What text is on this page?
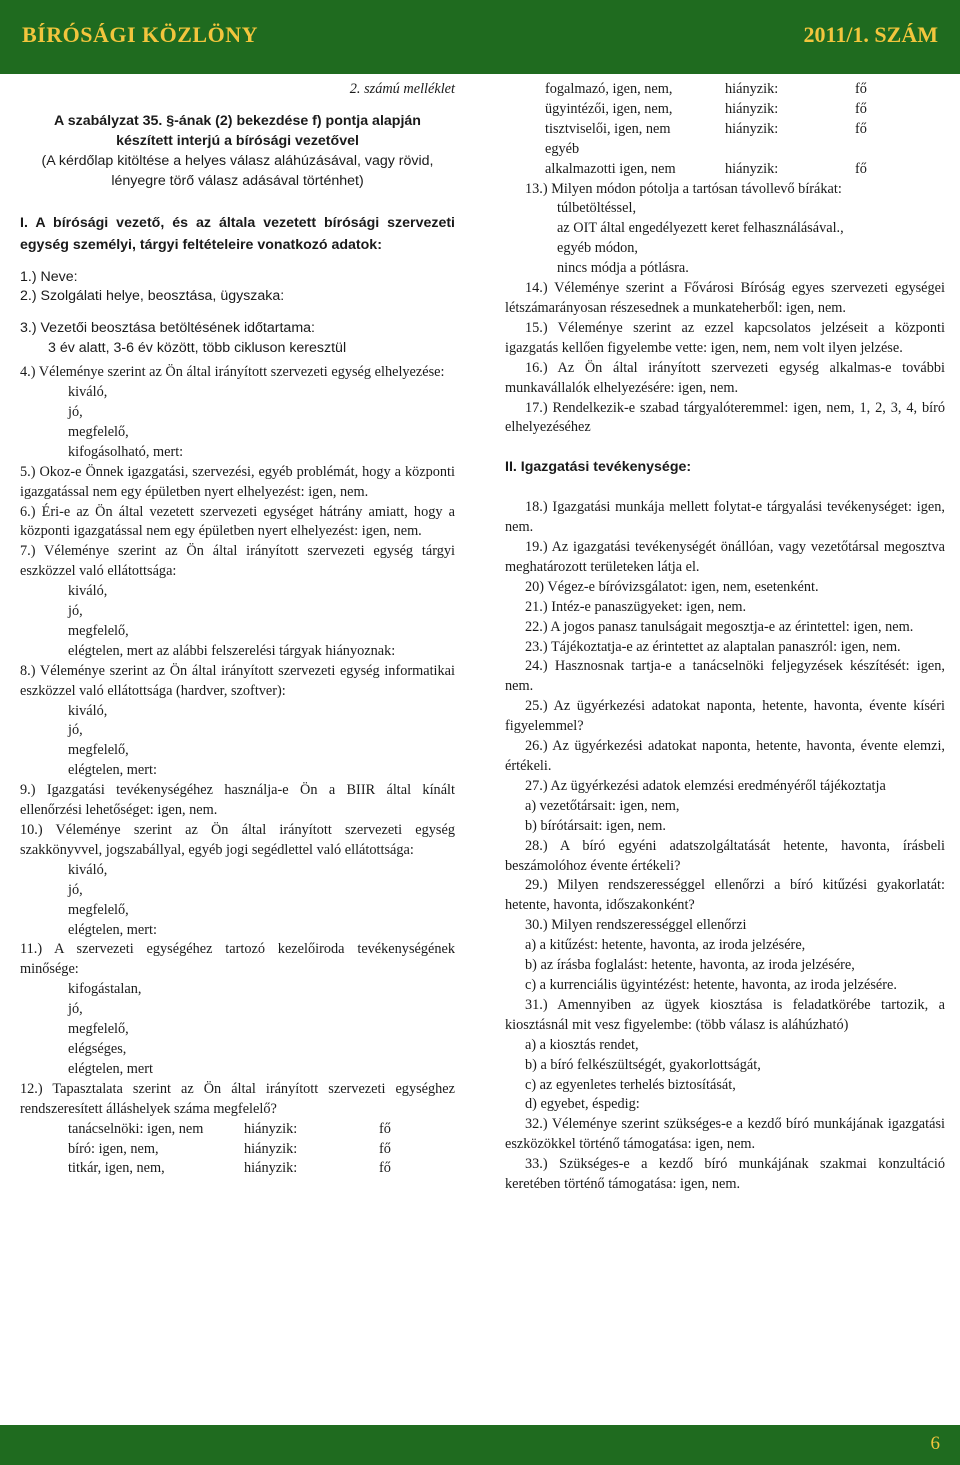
BÍRÓSÁGI KÖZLÖNY	2011/1. SZÁM

2. számú melléklet

A szabályzat 35. §-ának (2) bekezdése f) pontja alapján

készített interjú a bírósági vezetővel

(A kérdőlap kitöltése a helyes válasz aláhúzásával, vagy rövid,

lényegre törő válasz adásával történhet)

I. A bírósági vezető, és az általa vezetett bírósági szervezeti egység személyi, tárgyi feltételeire vonatkozó adatok:

1.) Neve:

2.) Szolgálati helye, beosztása, ügyszaka:

3.) Vezetői beosztása betöltésének időtartama:

3 év alatt, 3-6 év között, több cikluson keresztül

4.) Véleménye szerint az Ön által irányított szervezeti egység elhelyezése:

kiváló,

jó,

megfelelő,

kifogásolható, mert:

5.) Okoz-e Önnek igazgatási, szervezési, egyéb problémát, hogy a központi igazgatással nem egy épületben nyert elhelyezést: igen, nem.

6.) Éri-e az Ön által vezetett szervezeti egységet hátrány amiatt, hogy a központi igazgatással nem egy épületben nyert elhelyezést: igen, nem.

7.) Véleménye szerint az Ön által irányított szervezeti egység tárgyi eszközzel való ellátottsága:

kiváló,

jó,

megfelelő,

elégtelen, mert az alábbi felszerelési tárgyak hiányoznak:

8.) Véleménye szerint az Ön által irányított szervezeti egység informatikai eszközzel való ellátottsága (hardver, szoftver):

kiváló,

jó,

megfelelő,

elégtelen, mert:

9.) Igazgatási tevékenységéhez használja-e Ön a BIIR által kínált ellenőrzési lehetőséget: igen, nem.

10.) Véleménye szerint az Ön által irányított szervezeti egység szakkönyvvel, jogszabállyal, egyéb jogi segédlettel való ellátottsága:

kiváló,

jó,

megfelelő,

elégtelen, mert:

11.) A szervezeti egységéhez tartozó kezelőiroda tevékenységének minősége:

kifogástalan,

jó,

megfelelő,

elégséges,

elégtelen, mert

12.) Tapasztalata szerint az Ön által irányított szervezeti egységhez rendszeresített álláshelyek száma megfelelő?

tanácselnöki: igen, nem	hiányzik:	fő
bíró: igen, nem,	hiányzik:	fő
titkár, igen, nem,	hiányzik:	fő
fogalmazó, igen, nem,	hiányzik:	fő
ügyintézői, igen, nem,	hiányzik:	fő
tisztviselői, igen, nem	hiányzik:	fő
egyéb
alkalmazotti igen, nem	hiányzik:	fő

13.) Milyen módon pótolja a tartósan távollevő bírákat:

túlbetöltéssel,

az OIT által engedélyezett keret felhasználásával.,

egyéb módon,

nincs módja a pótlásra.

14.) Véleménye szerint a Fővárosi Bíróság egyes szervezeti egységei létszámarányosan részesednek a munkateherből: igen, nem.

15.) Véleménye szerint az ezzel kapcsolatos jelzéseit a központi igazgatás kellően figyelembe vette: igen, nem, nem volt ilyen jelzése.

16.) Az Ön által irányított szervezeti egység alkalmas-e további munkavállalók elhelyezésére: igen, nem.

17.) Rendelkezik-e szabad tárgyalóteremmel: igen, nem, 1, 2, 3, 4, bíró elhelyezéséhez

II. Igazgatási tevékenysége:

18.) Igazgatási munkája mellett folytat-e tárgyalási tevékenységet: igen, nem.

19.) Az igazgatási tevékenységét önállóan, vagy vezetőtársal megosztva meghatározott területeken látja el.

20) Végez-e bíróvizsgálatot: igen, nem, esetenként.

21.) Intéz-e panaszügyeket: igen, nem.

22.) A jogos panasz tanulságait megosztja-e az érintettel: igen, nem.

23.) Tájékoztatja-e az érintettet az alaptalan panaszról: igen, nem.

24.) Hasznosnak tartja-e a tanácselnöki feljegyzések készítését: igen, nem.

25.) Az ügyérkezési adatokat naponta, hetente, havonta, évente kíséri figyelemmel?

26.) Az ügyérkezési adatokat naponta, hetente, havonta, évente elemzi, értékeli.

27.) Az ügyérkezési adatok elemzési eredményéről tájékoztatja

a) vezetőtársait: igen, nem,

b) bírótársait: igen, nem.

28.) A bíró egyéni adatszolgáltatását hetente, havonta, írásbeli beszámolóhoz évente értékeli?

29.) Milyen rendszerességgel ellenőrzi a bíró kitűzési gyakorlatát: hetente, havonta, időszakonként?

30.) Milyen rendszerességgel ellenőrzi

a) a kitűzést: hetente, havonta, az iroda jelzésére,

b) az írásba foglalást: hetente, havonta, az iroda jelzésére,

c) a kurrenciális ügyintézést: hetente, havonta, az iroda jelzésére.

31.) Amennyiben az ügyek kiosztása is feladatkörébe tartozik, a kiosztásnál mit vesz figyelembe: (több válasz is aláhúzható)

a) a kiosztás rendet,

b) a bíró felkészültségét, gyakorlottságát,

c) az egyenletes terhelés biztosítását,

d) egyebet, éspedig:

32.) Véleménye szerint szükséges-e a kezdő bíró munkájának igazgatási eszközökkel történő támogatása: igen, nem.

33.) Szükséges-e a kezdő bíró munkájának szakmai konzultáció keretében történő támogatása: igen, nem.

6
